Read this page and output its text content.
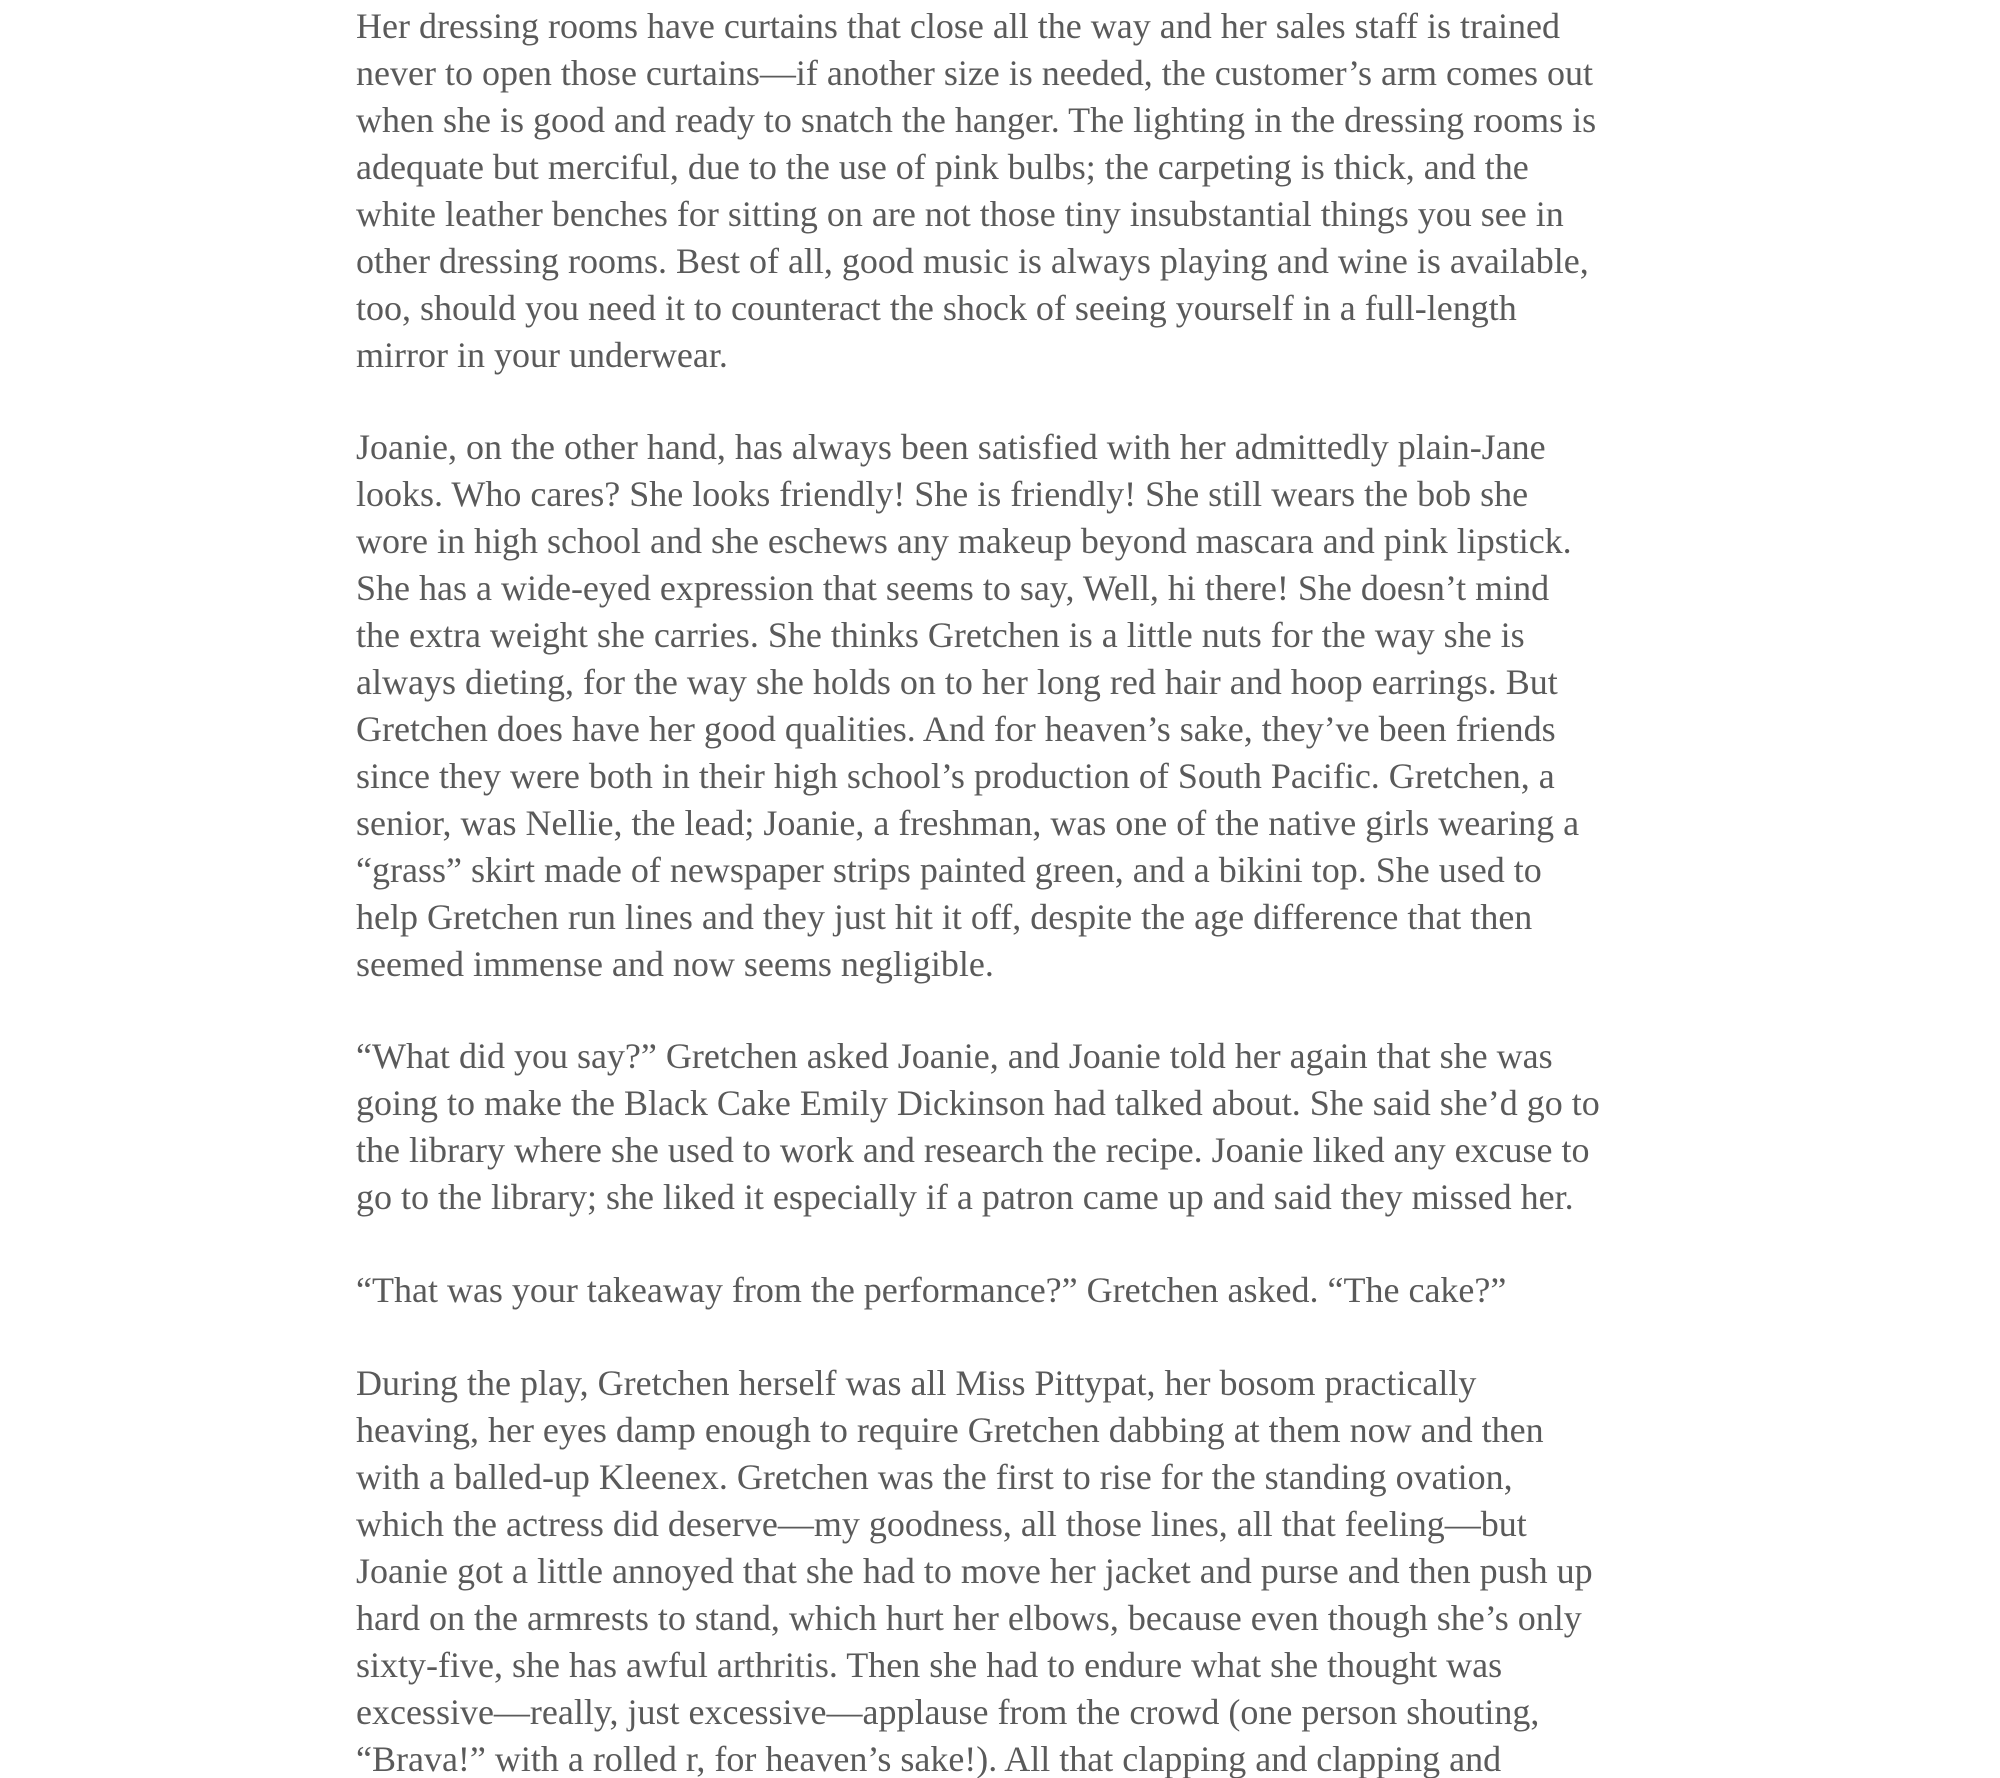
Her dressing rooms have curtains that close all the way and her sales staff is trained
never to open those curtains—if another size is needed, the customer’s arm comes out
when she is good and ready to snatch the hanger. The lighting in the dressing rooms is
adequate but merciful, due to the use of pink bulbs; the carpeting is thick, and the
white leather benches for sitting on are not those tiny insubstantial things you see in
other dressing rooms. Best of all, good music is always playing and wine is available,
too, should you need it to counteract the shock of seeing yourself in a full-length
mirror in your underwear.

Joanie, on the other hand, has always been satisfied with her admittedly plain-Jane
looks. Who cares? She looks friendly! She is friendly! She still wears the bob she
wore in high school and she eschews any makeup beyond mascara and pink lipstick.
She has a wide-eyed expression that seems to say, Well, hi there! She doesn’t mind
the extra weight she carries. She thinks Gretchen is a little nuts for the way she is
always dieting, for the way she holds on to her long red hair and hoop earrings. But
Gretchen does have her good qualities. And for heaven’s sake, they’ve been friends
since they were both in their high school’s production of South Pacific. Gretchen, a
senior, was Nellie, the lead; Joanie, a freshman, was one of the native girls wearing a
“grass” skirt made of newspaper strips painted green, and a bikini top. She used to
help Gretchen run lines and they just hit it off, despite the age difference that then
seemed immense and now seems negligible.

“What did you say?” Gretchen asked Joanie, and Joanie told her again that she was
going to make the Black Cake Emily Dickinson had talked about. She said she’d go to
the library where she used to work and research the recipe. Joanie liked any excuse to
go to the library; she liked it especially if a patron came up and said they missed her.

“That was your takeaway from the performance?” Gretchen asked. “The cake?”

During the play, Gretchen herself was all Miss Pittypat, her bosom practically
heaving, her eyes damp enough to require Gretchen dabbing at them now and then
with a balled-up Kleenex. Gretchen was the first to rise for the standing ovation,
which the actress did deserve—my goodness, all those lines, all that feeling—but
Joanie got a little annoyed that she had to move her jacket and purse and then push up
hard on the armrests to stand, which hurt her elbows, because even though she’s only
sixty-five, she has awful arthritis. Then she had to endure what she thought was
excessive—really, just excessive—applause from the crowd (one person shouting,
“Brava!” with a rolled r, for heaven’s sake!). All that clapping and clapping and
